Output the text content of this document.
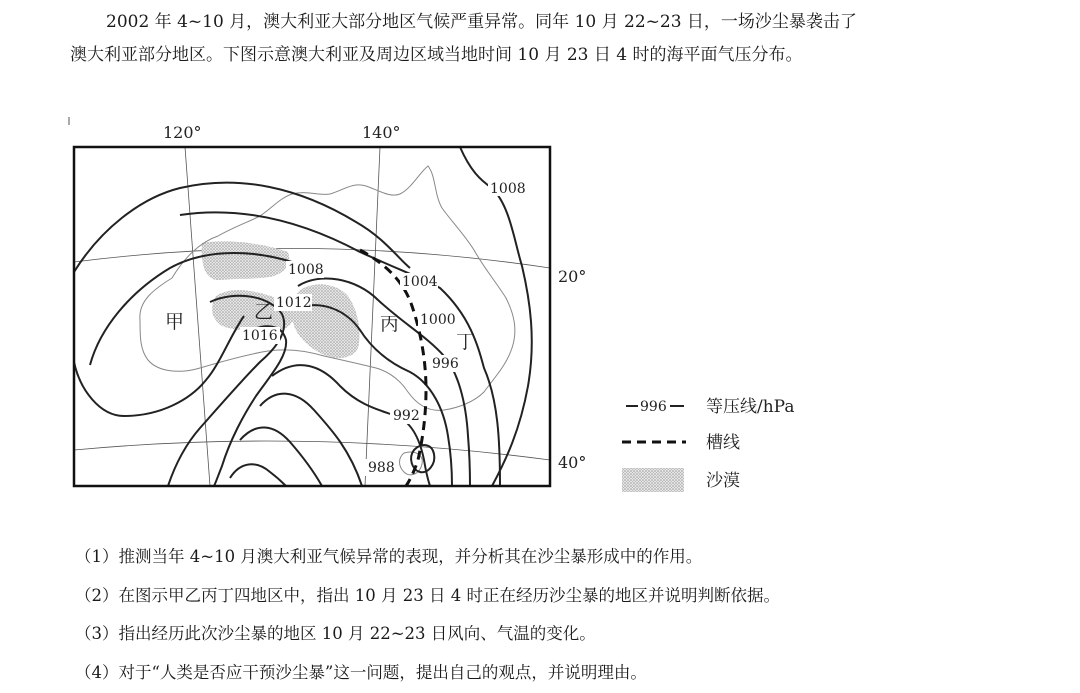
2002 年 4~10 月，澳大利亚大部分地区气候严重异常。同年 10 月 22~23 日，一场沙尘暴袭击了

澳大利亚部分地区。下图示意澳大利亚及周边区域当地时间 10 月 23 日 4 时的海平面气压分布。

120°	140°
20°
40°
1008
1008
1004
1012
1000
1016
996
992
988
甲	乙
丙
丁
996 等压线/hPa
槽线
沙漠
（1）推测当年 4~10 月澳大利亚气候异常的表现，并分析其在沙尘暴形成中的作用。
（2）在图示甲乙丙丁四地区中，指出 10 月 23 日 4 时正在经历沙尘暴的地区并说明判断依据。
（3）指出经历此次沙尘暴的地区 10 月 22~23 日风向、气温的变化。
（4）对于“人类是否应干预沙尘暴”这一问题，提出自己的观点，并说明理由。
